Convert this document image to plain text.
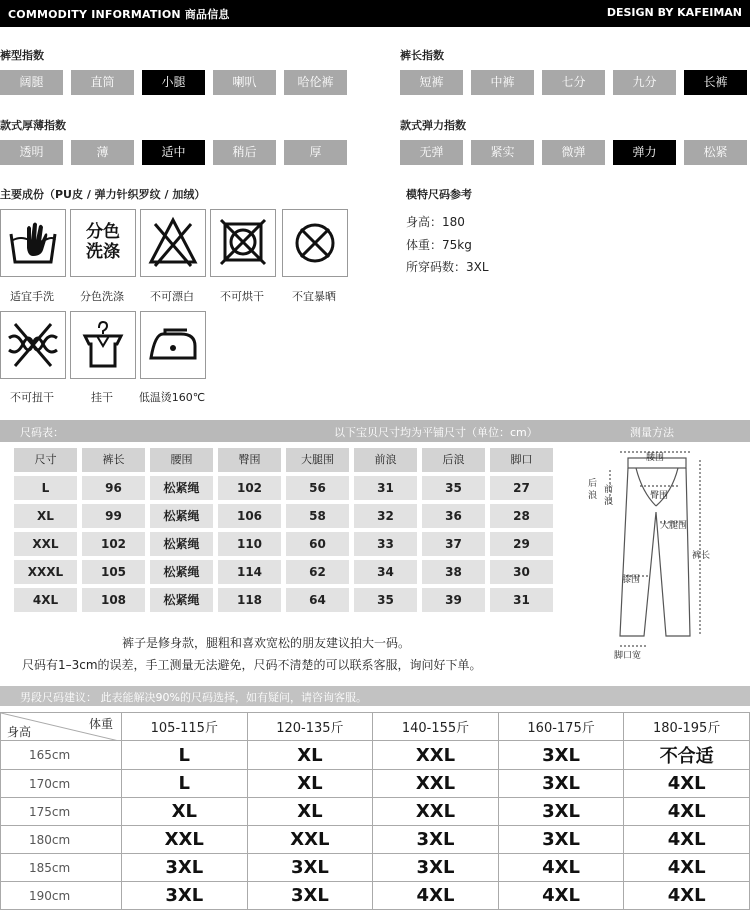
COMMODITY INFORMATION 商品信息	DESIGN BY KAFEIMAN
裤型指数	裤长指数
款式厚薄指数	款式弹力指数
阔腿	直筒	小腿	喇叭	哈伦裤	短裤	中裤	七分	九分	长裤
透明	薄	适中	稍后	厚	无弹	紧实	微弹	弹力	松紧
主要成份（PU皮 / 弹力针织罗纹 / 加绒）
分色
洗涤
适宜手洗	分色洗涤	不可漂白	不可烘干	不宜暴晒
不可扭干	挂干	低温烫160℃
模特尺码参考
身高：180
体重：75kg
所穿码数：3XL
尺码表：	以下宝贝尺寸均为平铺尺寸（单位：cm）	测量方法
尺寸	裤长	腰围	臀围	大腿围	前浪	后浪	脚口
L	96	松紧绳	102	56	31	35	27
XL	99	松紧绳	106	58	32	36	28
XXL	102	松紧绳	110	60	33	37	29
XXXL	105	松紧绳	114	62	34	38	30
4XL	108	松紧绳	118	64	35	39	31
腰围
臀围
后
浪
前
浪
大腿围
裤长
膝围
脚口宽
裤子是修身款，腿粗和喜欢宽松的朋友建议拍大一码。
尺码有1–3cm的误差，手工测量无法避免，尺码不清楚的可以联系客服，询问好下单。
男段尺码建议： 此表能解决90%的尺码选择，如有疑问，请咨询客服。
体重
身高	105-115斤	120-135斤	140-155斤	160-175斤	180-195斤
165cm	L	XL	XXL	3XL	不合适
170cm	L	XL	XXL	3XL	4XL
175cm	XL	XL	XXL	3XL	4XL
180cm	XXL	XXL	3XL	3XL	4XL
185cm	3XL	3XL	3XL	4XL	4XL
190cm	3XL	3XL	4XL	4XL	4XL
